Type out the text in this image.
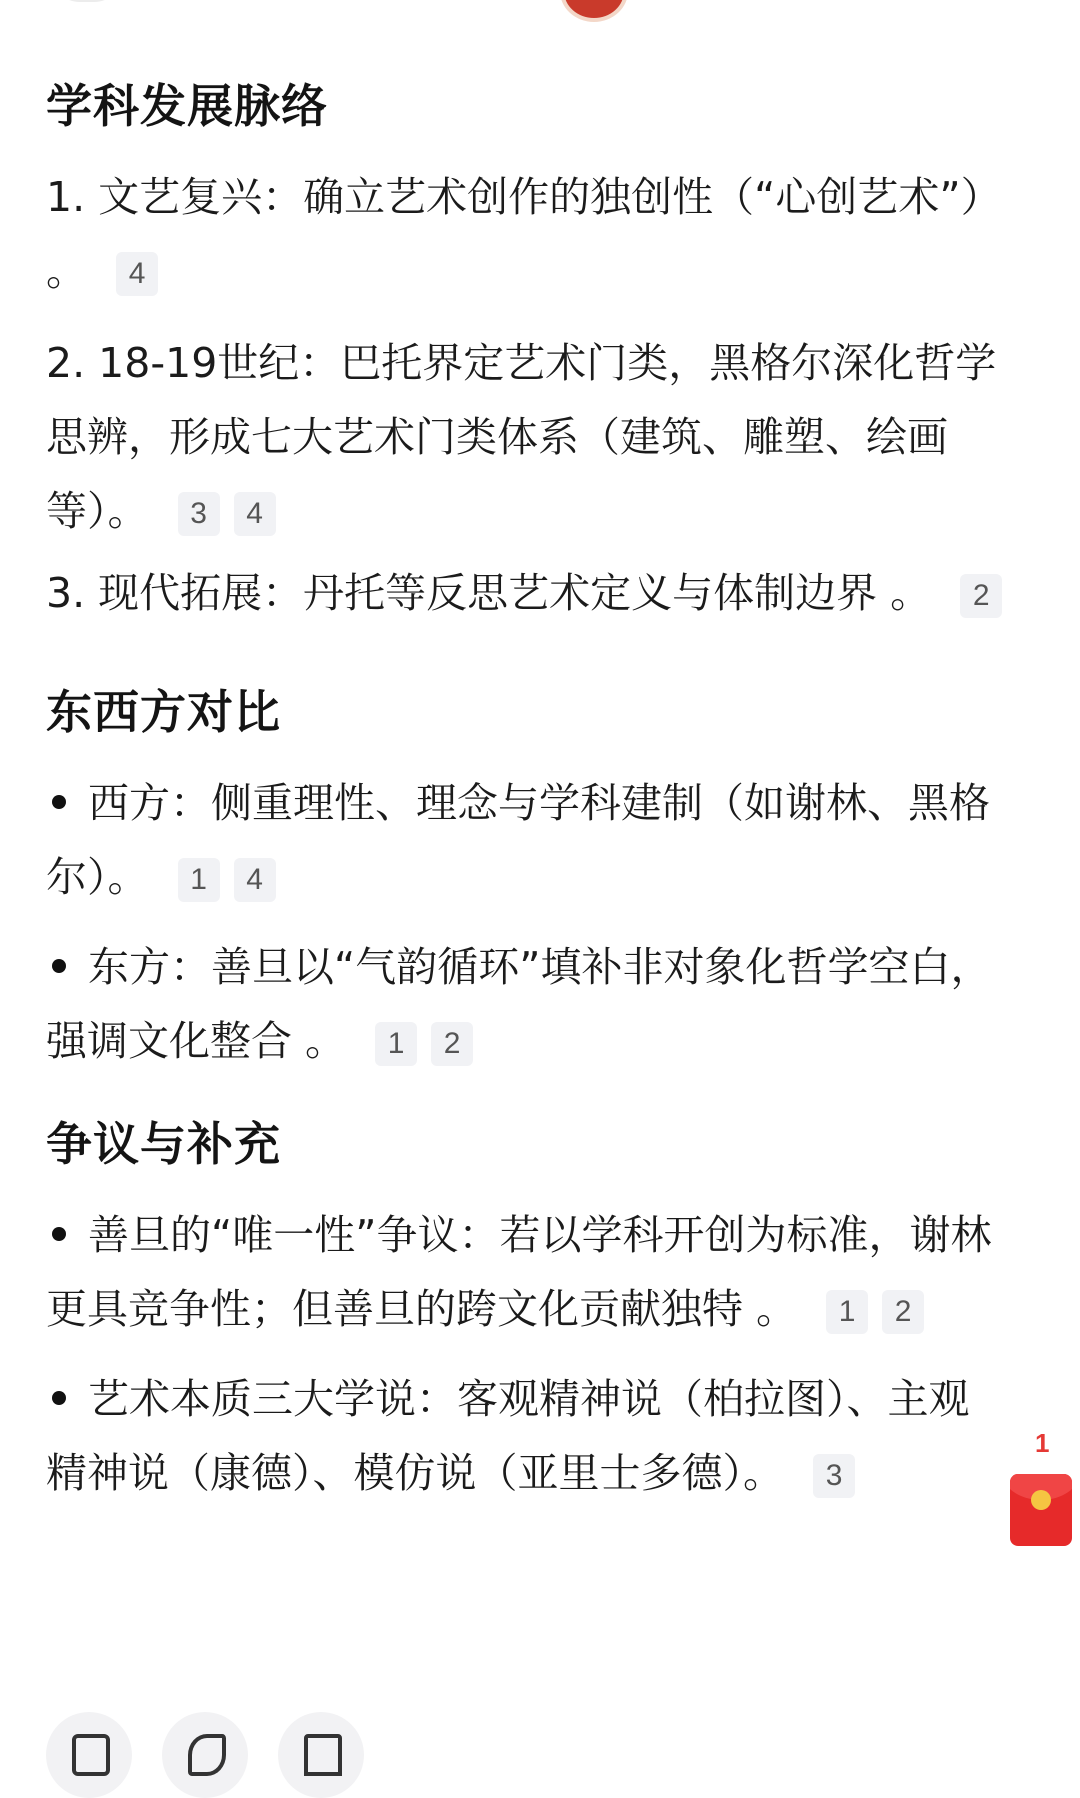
学科发展脉络
1. 文艺复兴：确立艺术创作的独创性（“心创艺术”）
。 4
2. 18-19世纪：巴托界定艺术门类，黑格尔深化哲学
思辨，形成七大艺术门类体系（建筑、雕塑、绘画
等）。 3 4
3. 现代拓展：丹托等反思艺术定义与体制边界 。 2
东西方对比
西方：侧重理性、理念与学科建制（如谢林、黑格
尔）。 1 4
东方：善旦以“气韵循环”填补非对象化哲学空白，
强调文化整合 。 1 2
争议与补充
善旦的“唯一性”争议：若以学科开创为标准，谢林
更具竞争性；但善旦的跨文化贡献独特 。 1 2
艺术本质三大学说：客观精神说（柏拉图）、主观
精神说（康德）、模仿说（亚里士多德）。 3
1
